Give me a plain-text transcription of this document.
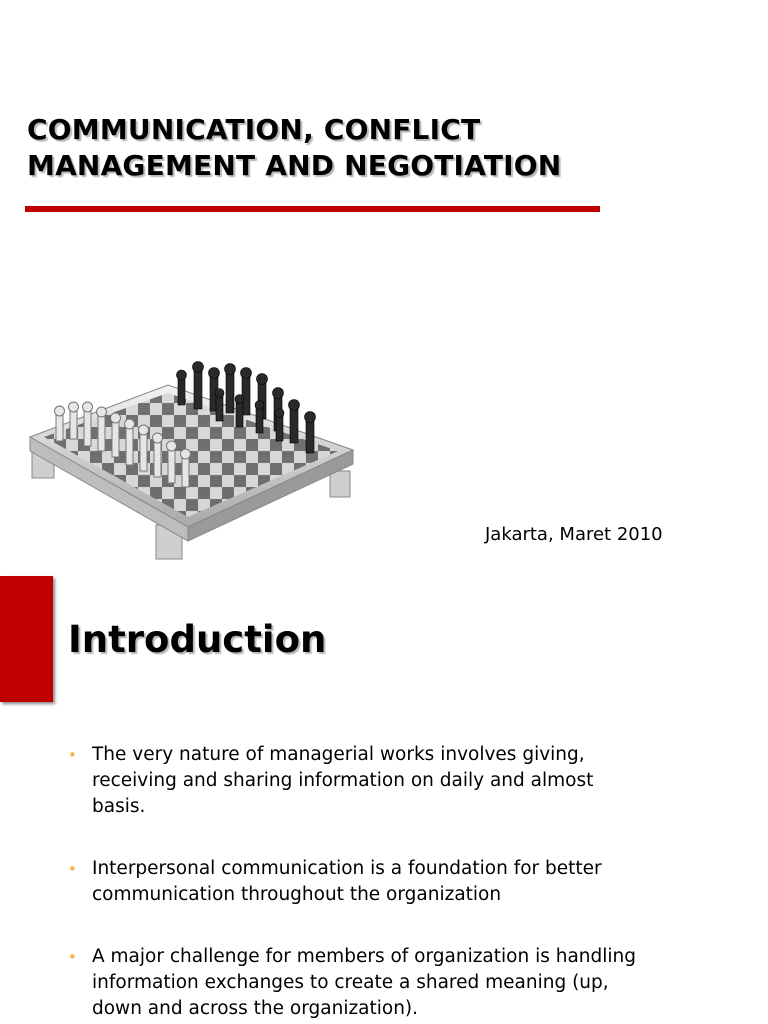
COMMUNICATION, CONFLICT MANAGEMENT AND NEGOTIATION

Jakarta, Maret 2010

Introduction
• The very nature of managerial works involves giving, receiving and sharing information on daily and almost basis.
• Interpersonal communication is a foundation for better communication throughout the organization
• A major challenge for members of organization is handling information exchanges to create a shared meaning (up, down and across the organization).
